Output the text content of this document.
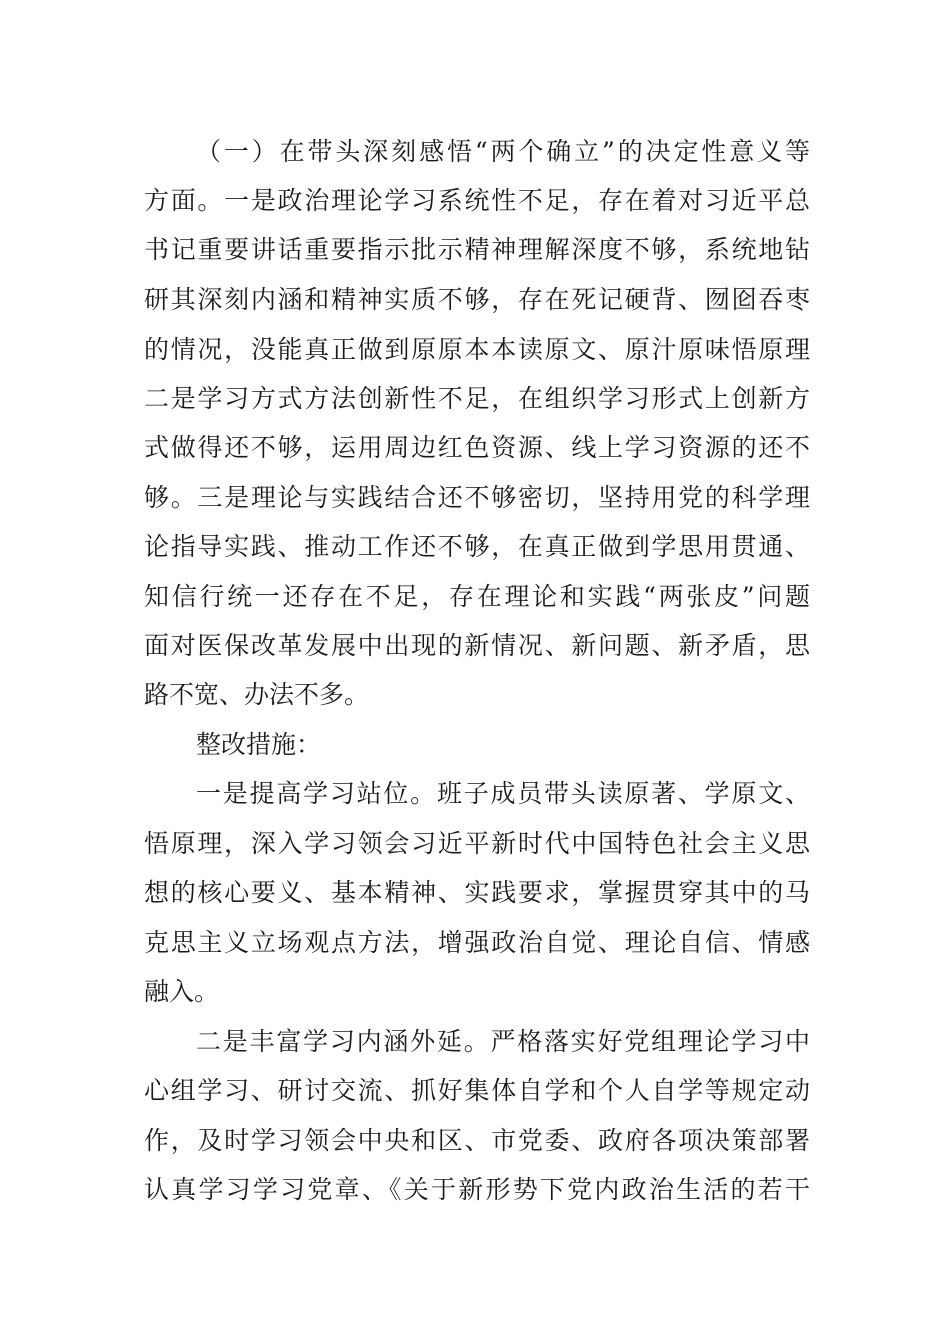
（一）在带头深刻感悟“两个确立”的决定性意义等
方面。一是政治理论学习系统性不足，存在着对习近平总
书记重要讲话重要指示批示精神理解深度不够，系统地钻
研其深刻内涵和精神实质不够，存在死记硬背、囫囵吞枣
的情况，没能真正做到原原本本读原文、原汁原味悟原理
二是学习方式方法创新性不足，在组织学习形式上创新方
式做得还不够，运用周边红色资源、线上学习资源的还不
够。三是理论与实践结合还不够密切，坚持用党的科学理
论指导实践、推动工作还不够，在真正做到学思用贯通、
知信行统一还存在不足，存在理论和实践“两张皮”问题
面对医保改革发展中出现的新情况、新问题、新矛盾，思
路不宽、办法不多。
整改措施：
一是提高学习站位。班子成员带头读原著、学原文、
悟原理，深入学习领会习近平新时代中国特色社会主义思
想的核心要义、基本精神、实践要求，掌握贯穿其中的马
克思主义立场观点方法，增强政治自觉、理论自信、情感
融入。
二是丰富学习内涵外延。严格落实好党组理论学习中
心组学习、研讨交流、抓好集体自学和个人自学等规定动
作，及时学习领会中央和区、市党委、政府各项决策部署
认真学习学习党章、《关于新形势下党内政治生活的若干
